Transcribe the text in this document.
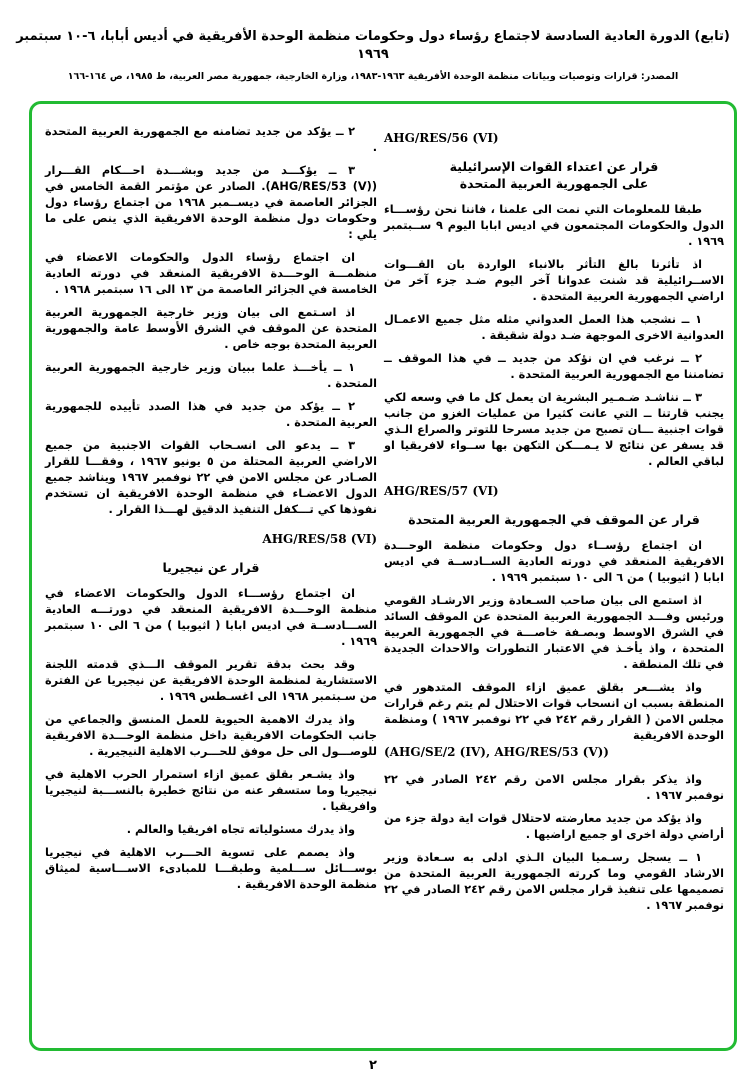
(تابع) الدورة العادية السادسة لاجتماع رؤساء دول وحكومات منظمة الوحدة الأفريقية في أديس أبابا، ٦-١٠ سبتمبر ١٩٦٩
المصدر: قرارات وتوصيات وبيانات منظمة الوحدة الأفريقية ١٩٦٣-١٩٨٣، وزارة الخارجية، جمهورية مصر العربية، ط ١٩٨٥، ص ١٦٤-١٦٦
AHG/RES/56 (VI)
قرار عن اعتداء القوات الإسرائيلية
على الجمهورية العربية المتحدة
طبقا للمعلومات التي نمت الى علمنا ، فاننا نحن رؤســـاء الدول والحكومات المجتمعون في اديس ابابا اليوم ٩ ســبتمبر ١٩٦٩ .
اذ تأثرنا بالغ التأثر بالانباء الواردة بان القـــوات الاســرائيلية قد شنت عدوانا آخر اليوم ضـد جزء آخر من اراضي الجمهورية العربية المتحدة .
١ ــ نشجب هذا العمل العدواني مثله مثل جميع الاعمـال العدوانية الاخرى الموجهة ضـد دولة شقيقة .
٢ ــ نرغب في ان نؤكد من جديد ــ في هذا الموقف ــ تضامننا مع الجمهورية العربية المتحدة .
٣ ــ نناشـد ضـمـير البشرية ان يعمل كل ما في وسعه لكي يجنب قارتنا ــ التي عانت كثيرا من عمليات الغزو من جانب قوات اجنبية ـــان تصبح من جديد مسرحا للتوتر والصراع الـذي قد يسفر عن نتائج لا يـمـــكن التكهن بها ســواء لافريقيا او لباقي العالم .
AHG/RES/57 (VI)
قرار عن الموقف في الجمهورية العربية المتحدة
ان اجتماع رؤســاء دول وحكومات منظمة الوحـــدة الافريقية المنعقد في دورته العادية الســادســة في اديس ابابا ( اثيوبيا ) من ٦ الى ١٠ سبتمبر ١٩٦٩ .
اذ استمع الى بيان صاحب السـعادة وزير الارشـاد القومي ورئيس وفـــد الجمهورية العربية المتحدة عن الموقف السائد في الشرق الاوسط وبصـفة خاصـــة في الجمهورية العربية المتحدة ، واذ يأخـذ في الاعتبار التطورات والاحداث الجديدة في تلك المنطقة .
واذ يشـــعر بقلق عميق ازاء الموقف المتدهور في المنطقة بسبب ان انسحاب قوات الاحتلال لم يتم رغم قرارات مجلس الامن ( القرار رقم ٢٤٢ في ٢٢ نوفمبر ١٩٦٧ ) ومنظمة الوحدة الافريقية
(AHG/SE/2 (IV), AHG/RES/53 (V))
واذ يذكر بقرار مجلس الامن رقم ٢٤٢ الصادر في ٢٢ نوفمبر ١٩٦٧ .
واذ يؤكد من جديد معارضته لاحتلال قوات اية دولة جزء من أراضي دولة اخرى او جميع اراضيها .
١ ــ يسجل رسـميا البيان الـذي ادلى به سـعادة وزير الارشاد القومي وما كررته الجمهورية العربية المتحدة من تصميمها على تنفيذ قرار مجلس الامن رقم ٢٤٢ الصادر في ٢٢ نوفمبر ١٩٦٧ .
٢ ــ يؤكد من جديد تضامنه مع الجمهورية العربية المتحدة .
٣ ــ يؤكـــد من جديد وبشـــدة احـــكام القـــرار (AHG/RES/53 (V)). الصادر عن مؤتمر القمة الخامس في الجزائر العاصمة في ديســمبر ١٩٦٨ من اجتماع رؤساء دول وحكومات دول منظمة الوحدة الافريقية الذي ينص على ما يلي :
ان اجتماع رؤساء الدول والحكومات الاعضاء في منظمـــة الوحـــدة الافريقية المنعقد في دورته العادية الخامسة في الجزائر العاصمة من ١٣ الى ١٦ سبتمبر ١٩٦٨ .
اذ اسـتمع الى بيان وزير خارجية الجمهورية العربية المتحدة عن الموقف في الشرق الأوسط عامة والجمهورية العربية المتحدة بوجه خاص .
١ ــ يأخـــذ علما ببيان وزير خارجية الجمهورية العربية المتحدة .
٢ ــ يؤكد من جديد في هذا الصدد تأييده للجمهورية العربية المتحدة .
٣ ــ يدعو الى انسـحاب القوات الاجنبية من جميع الاراضي العربية المحتلة من ٥ يونيو ١٩٦٧ ، وفقـــا للقرار الصـادر عن مجلس الامن في ٢٢ نوفمبر ١٩٦٧ ويناشد جميع الدول الاعضـاء في منظمة الوحدة الافريقية ان تستخدم نفوذها كي تـــكفل التنفيذ الدقيق لهـــذا القرار .
AHG/RES/58 (VI)
قرار عن نيجيريا
ان اجتماع رؤســـاء الدول والحكومات الاعضاء في منظمة الوحـــدة الافريقية المنعقد في دورتـــه العادية الســـادســة في اديس ابابا ( اثيوبيا ) من ٦ الى ١٠ سبتمبر ١٩٦٩ .
وقد بحث بدقة تقرير الموقف الـــذي قدمته اللجنة الاستشارية لمنظمة الوحدة الافريقية عن نيجيريا عن الفترة من سـبتمبر ١٩٦٨ الى اغسـطس ١٩٦٩ .
واذ يدرك الاهمية الحيوية للعمل المنسق والجماعي من جانب الحكومات الافريقية داخل منظمة الوحـــدة الافريقية للوصـــول الى حل موفق للحـــرب الاهلية النيجيرية .
واذ يشـعر بقلق عميق ازاء استمرار الحرب الاهلية في نيجيريا وما ستسفر عنه من نتائج خطيرة بالنســـبة لنيجيريا وافريقيا .
واذ يدرك مسئولياته تجاه افريقيا والعالم .
واذ يصمم على تسوية الحـــرب الاهلية في نيجيريا بوســـائل ســـلمية وطبقـــا للمبادىء الاســـاسية لميثاق منظمة الوحدة الافريقية .
٢
